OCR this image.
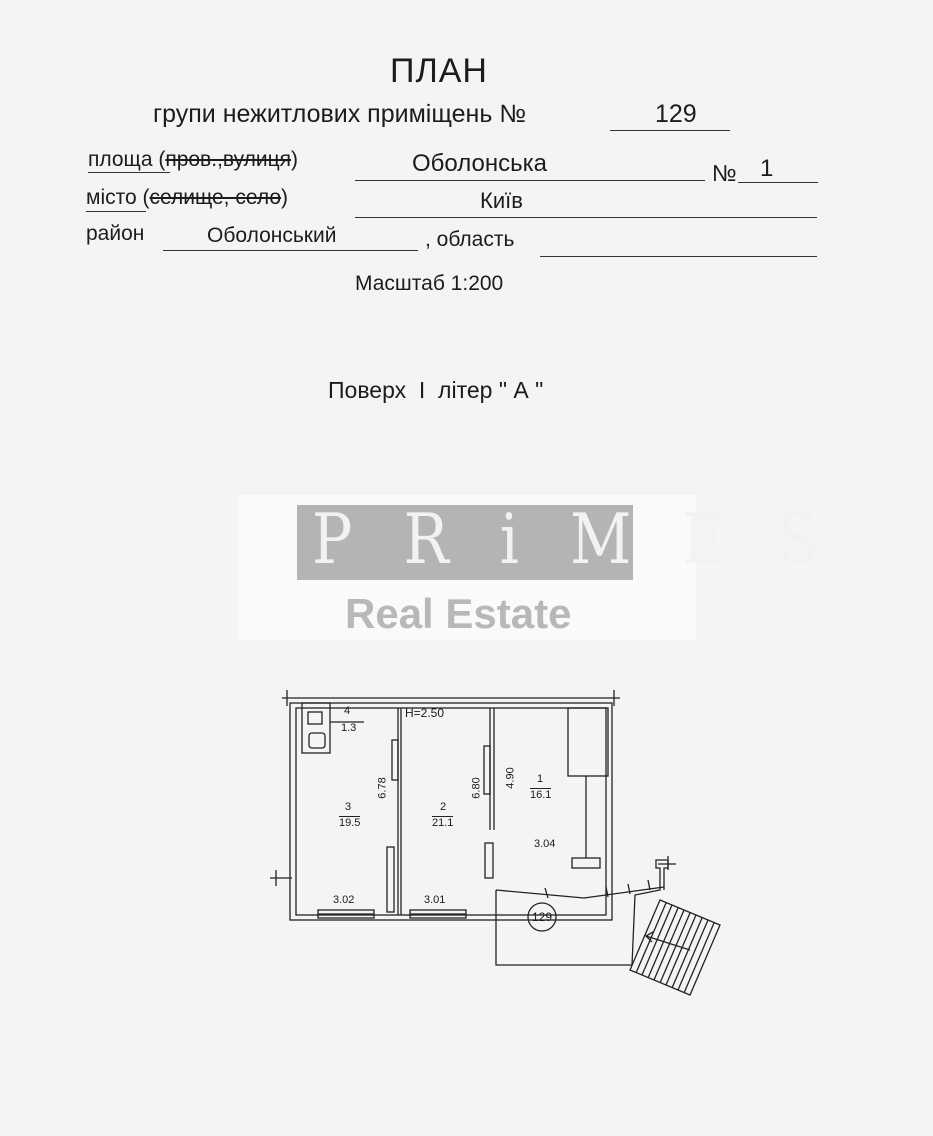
ПЛАН
групи нежитлових приміщень №	129
площа (пров.,вулиця)	Оболонська	№ 1
місто (селище, село)	Київ
район	Оболонський	, область
Масштаб 1:200
Поверх  І  літер " А "
P R i M E S
Real Estate
H=2.50
4
1.3
3
19.5
6.78
2
21.1
6.80 4.90 1
16.1
3.04
3.02	3.01
129
